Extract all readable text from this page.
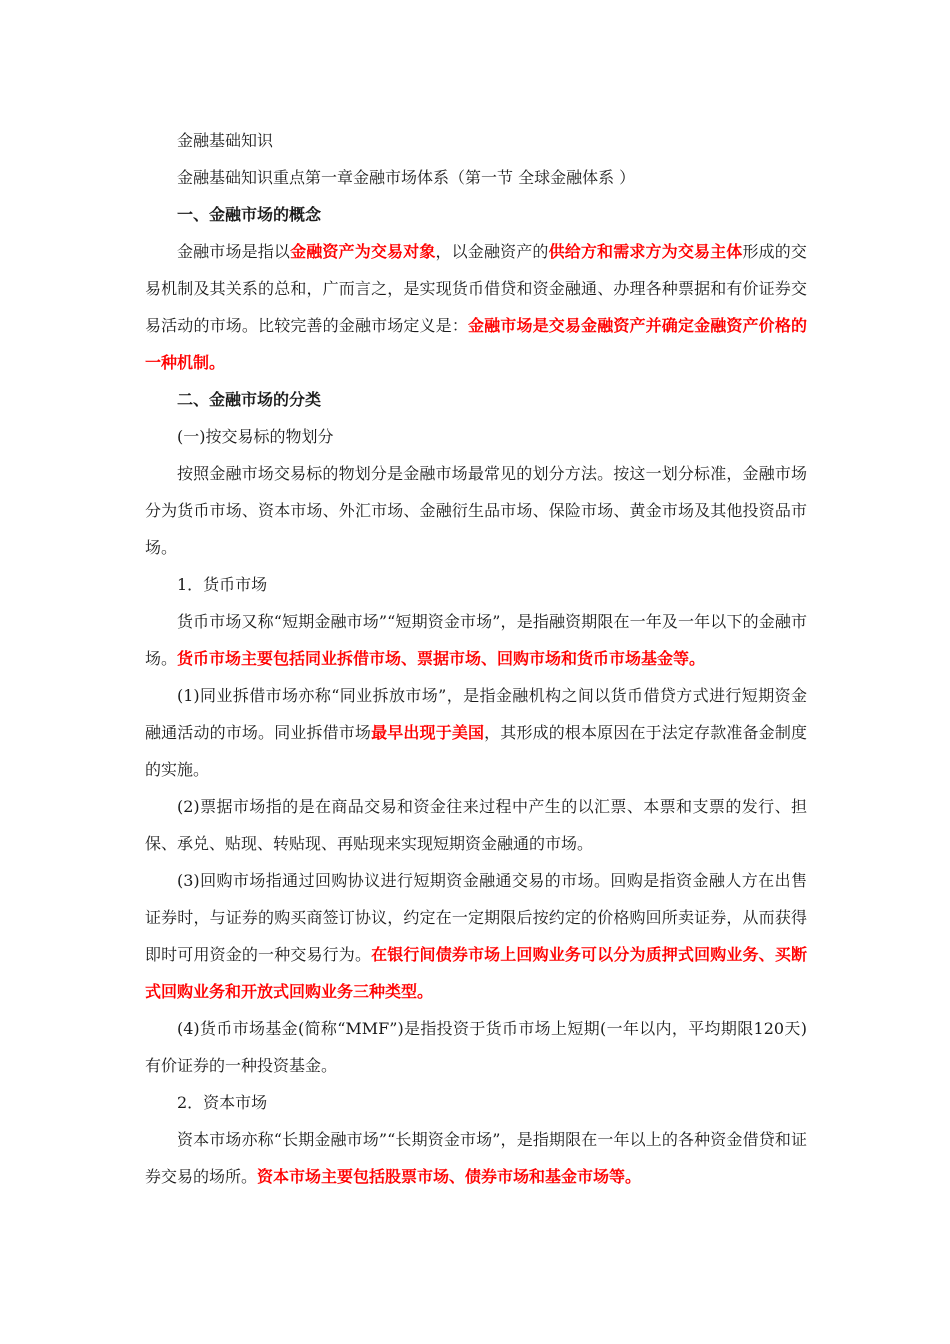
金融基础知识

金融基础知识重点第一章金融市场体系（第一节 全球金融体系 ）

一、金融市场的概念

金融市场是指以金融资产为交易对象，以金融资产的供给方和需求方为交易主体形成的交易机制及其关系的总和，广而言之，是实现货币借贷和资金融通、办理各种票据和有价证券交易活动的市场。比较完善的金融市场定义是：金融市场是交易金融资产并确定金融资产价格的一种机制。

二、金融市场的分类

(一)按交易标的物划分

按照金融市场交易标的物划分是金融市场最常见的划分方法。按这一划分标准，金融市场分为货币市场、资本市场、外汇市场、金融衍生品市场、保险市场、黄金市场及其他投资品市场。

1．货币市场

货币市场又称“短期金融市场”“短期资金市场”，是指融资期限在一年及一年以下的金融市场。货币市场主要包括同业拆借市场、票据市场、回购市场和货币市场基金等。

(1)同业拆借市场亦称“同业拆放市场”，是指金融机构之间以货币借贷方式进行短期资金融通活动的市场。同业拆借市场最早出现于美国，其形成的根本原因在于法定存款准备金制度的实施。

(2)票据市场指的是在商品交易和资金往来过程中产生的以汇票、本票和支票的发行、担保、承兑、贴现、转贴现、再贴现来实现短期资金融通的市场。

(3)回购市场指通过回购协议进行短期资金融通交易的市场。回购是指资金融人方在出售证券时，与证券的购买商签订协议，约定在一定期限后按约定的价格购回所卖证券，从而获得即时可用资金的一种交易行为。在银行间债券市场上回购业务可以分为质押式回购业务、买断式回购业务和开放式回购业务三种类型。

(4)货币市场基金(简称“MMF”)是指投资于货币市场上短期(一年以内，平均期限120天)有价证券的一种投资基金。

2．资本市场

资本市场亦称“长期金融市场”“长期资金市场”，是指期限在一年以上的各种资金借贷和证券交易的场所。资本市场主要包括股票市场、债券市场和基金市场等。
